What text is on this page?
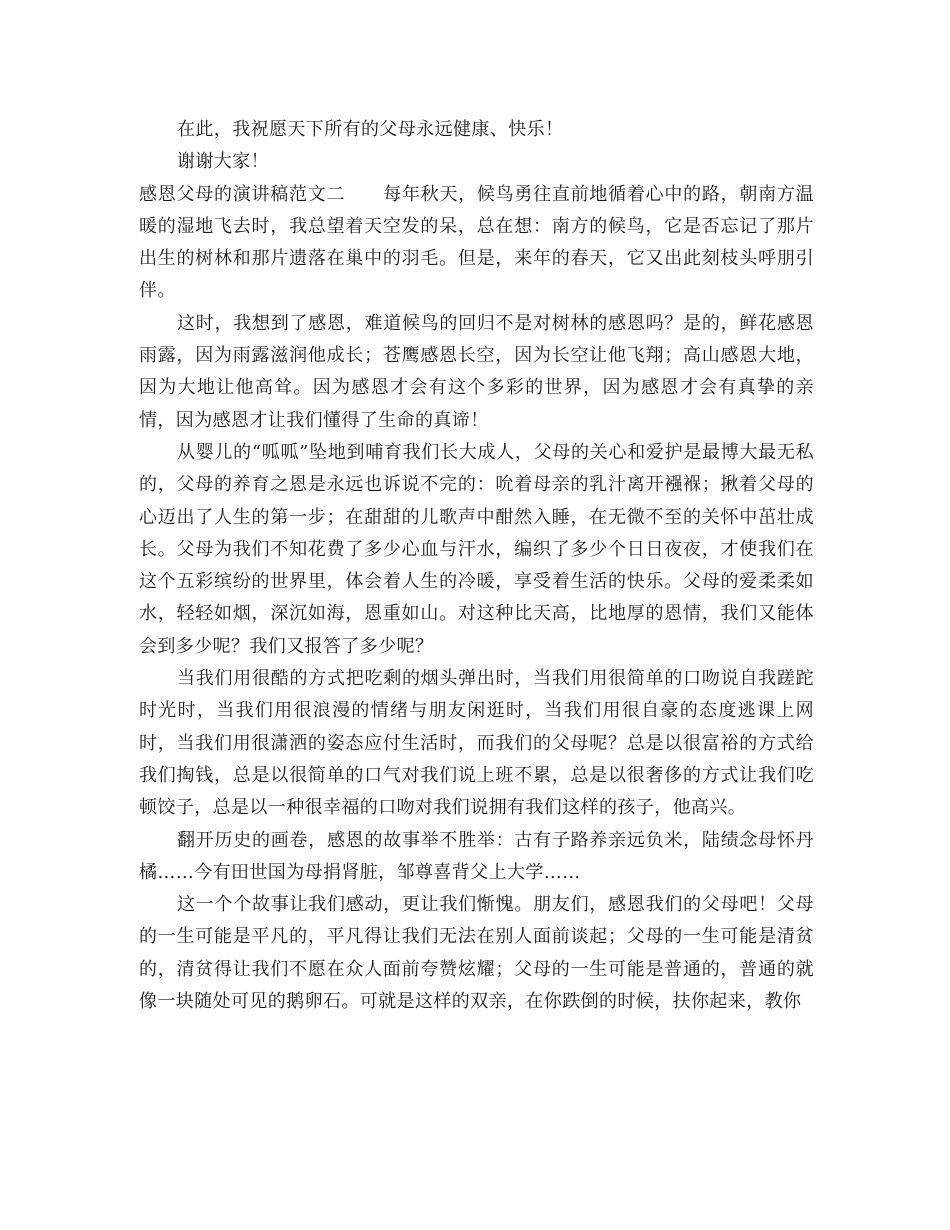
在此，我祝愿天下所有的父母永远健康、快乐！

谢谢大家！

感恩父母的演讲稿范文二 每年秋天，候鸟勇往直前地循着心中的路，朝南方温暖的湿地飞去时，我总望着天空发的呆，总在想：南方的候鸟，它是否忘记了那片出生的树林和那片遗落在巢中的羽毛。但是，来年的春天，它又出此刻枝头呼朋引伴。

这时，我想到了感恩，难道候鸟的回归不是对树林的感恩吗？是的，鲜花感恩雨露，因为雨露滋润他成长；苍鹰感恩长空，因为长空让他飞翔；高山感恩大地，因为大地让他高耸。因为感恩才会有这个多彩的世界，因为感恩才会有真挚的亲情，因为感恩才让我们懂得了生命的真谛！

从婴儿的“呱呱”坠地到哺育我们长大成人，父母的关心和爱护是最博大最无私的，父母的养育之恩是永远也诉说不完的：吮着母亲的乳汁离开襁褓；揪着父母的心迈出了人生的第一步；在甜甜的儿歌声中酣然入睡，在无微不至的关怀中茁壮成长。父母为我们不知花费了多少心血与汗水，编织了多少个日日夜夜，才使我们在这个五彩缤纷的世界里，体会着人生的冷暖，享受着生活的快乐。父母的爱柔柔如水，轻轻如烟，深沉如海，恩重如山。对这种比天高，比地厚的恩情，我们又能体会到多少呢？我们又报答了多少呢？

当我们用很酷的方式把吃剩的烟头弹出时，当我们用很简单的口吻说自我蹉跎时光时，当我们用很浪漫的情绪与朋友闲逛时，当我们用很自豪的态度逃课上网时，当我们用很潇洒的姿态应付生活时，而我们的父母呢？总是以很富裕的方式给我们掏钱，总是以很简单的口气对我们说上班不累，总是以很奢侈的方式让我们吃顿饺子，总是以一种很幸福的口吻对我们说拥有我们这样的孩子，他高兴。

翻开历史的画卷，感恩的故事举不胜举：古有子路养亲远负米，陆绩念母怀丹橘……今有田世国为母捐肾脏，邹尊喜背父上大学……

这一个个故事让我们感动，更让我们惭愧。朋友们，感恩我们的父母吧！父母的一生可能是平凡的，平凡得让我们无法在别人面前谈起；父母的一生可能是清贫的，清贫得让我们不愿在众人面前夸赞炫耀；父母的一生可能是普通的，普通的就像一块随处可见的鹅卵石。可就是这样的双亲，在你跌倒的时候，扶你起来，教你
